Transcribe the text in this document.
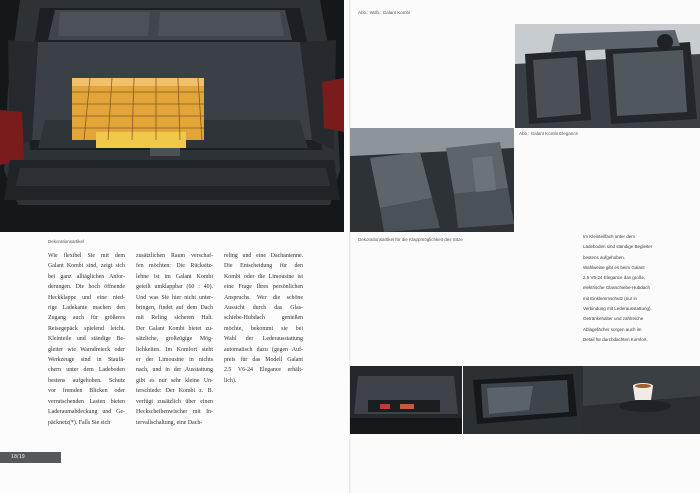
Dekorationsartikel
Abb.: Wdh.: Galant Kombi
Abb.: Galant Kombi Elegance
Dekorationsartikel für die Klappmöglichkeit des Sitze
Wie flexibel Sie mit dem
Galant Kombi sind, zeigt sich
bei ganz alltäglichen Anfor-
derungen. Die hoch öffnende
Heckklappe und eine nied-
rige Ladekante machen den
Zugang auch für größeres
Reisegepäck spielend leicht.
Kleinteile und ständige Be-
gleiter wie Warndreieck oder
Werkzeuge sind in Staufä-
chern unter dem Ladeboden
bestens aufgehoben. Schutz
vor fremden Blicken oder
verrutschenden Lasten bieten
Laderaumabdeckung und Ge-
päcknetz(*). Falls Sie sich
zusätzlichen Raum verschaf-
fen möchten: Die Rücksitz-
lehne ist im Galant Kombi
geteilt umklappbar (60 : 40).
Und was Sie hier nicht unter-
bringen, findet auf dem Dach
mit Reling sicheren Halt.
Der Galant Kombi bietet zu-
sätzliche, großzügige Mög-
lichkeiten. Im Komfort steht
er der Limousine in nichts
nach, und in der Ausstattung
gibt es nur sehr kleine Un-
terschiede: Der Kombi z. B.
verfügt zusätzlich über einen
Heckscheibenwischer mit In-
tervallschaltung, eine Dach-
reling und eine Dachantenne.
Die Entscheidung für den
Kombi oder die Limousine ist
eine Frage Ihres persönlichen
Anspruchs. Wer die schöne
Aussicht durch das Glas-
schiebe-Hubdach genießen
möchte, bekommt sie bei
Wahl der Lederausstattung
automatisch dazu (gegen Auf-
preis für das Modell Galant
2.5 V6-24 Elegance erhält-
lich).
Im Kleinteilfach unter dem
Ladeboden sind ständige Begleiter
bestens aufgehoben.
Wahlweise gibt es beim Galant
2.5 V6-24 Elegance das große,
elektrische Glasschiebe-Hubdach
mit Einklemmschutz (nur in
Verbindung mit Lederausstattung).
Getränkehalter und zahlreiche
Ablagefächer sorgen auch im
Detail für durchdachten Komfort.
18/19
